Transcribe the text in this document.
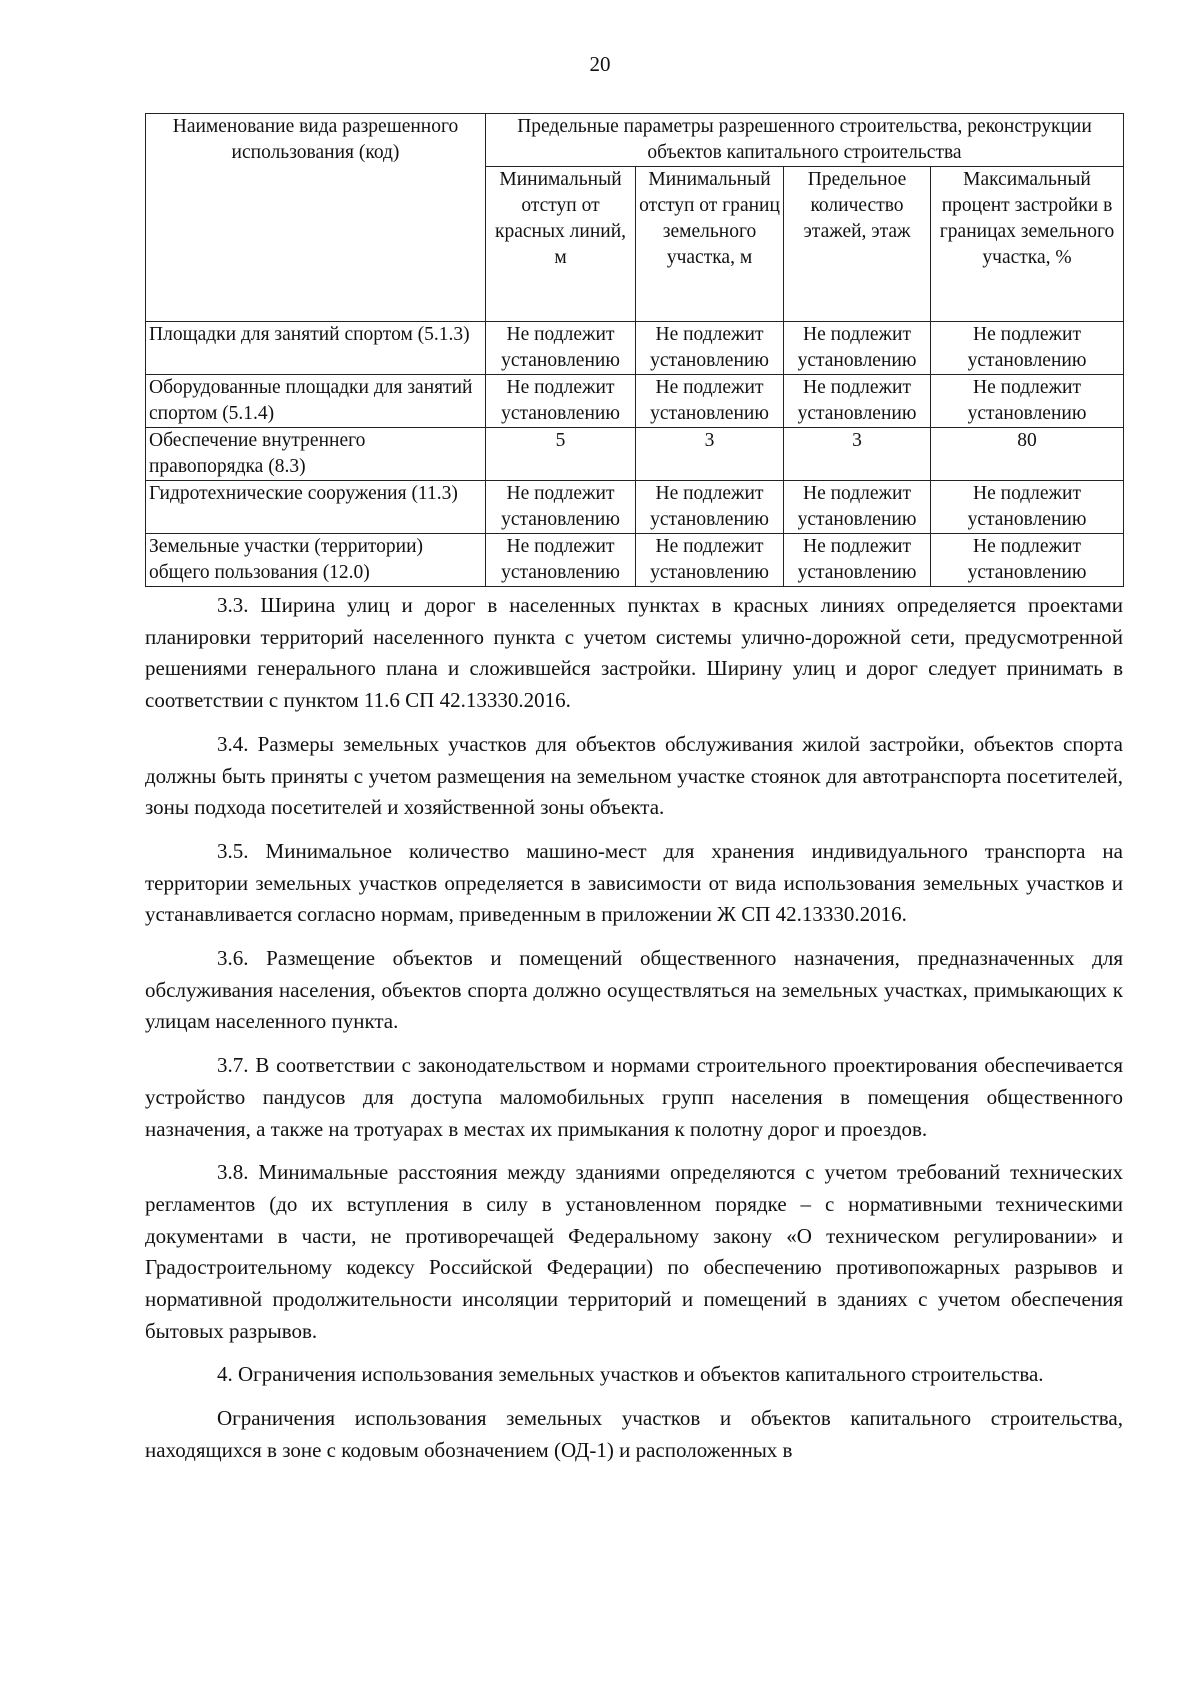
20
Наименование вида разрешенного использования (код)	Предельные параметры разрешенного строительства, реконструкции объектов капитального строительства			
	Минимальный отступ от красных линий, м	Минимальный отступ от границ земельного участка, м	Предельное количество этажей, этаж	Максимальный процент застройки в границах земельного участка, %
Площадки для занятий спортом (5.1.3)	Не подлежит установлению	Не подлежит установлению	Не подлежит установлению	Не подлежит установлению
Оборудованные площадки для занятий спортом (5.1.4)	Не подлежит установлению	Не подлежит установлению	Не подлежит установлению	Не подлежит установлению
Обеспечение внутреннего правопорядка (8.3)	5	3	3	80
Гидротехнические сооружения (11.3)	Не подлежит установлению	Не подлежит установлению	Не подлежит установлению	Не подлежит установлению
Земельные участки (территории) общего пользования (12.0)	Не подлежит установлению	Не подлежит установлению	Не подлежит установлению	Не подлежит установлению

3.3. Ширина улиц и дорог в населенных пунктах в красных линиях определяется проектами планировки территорий населенного пункта с учетом системы улично-дорожной сети, предусмотренной решениями генерального плана и сложившейся застройки. Ширину улиц и дорог следует принимать в соответствии с пунктом 11.6 СП 42.13330.2016.

3.4. Размеры земельных участков для объектов обслуживания жилой застройки, объектов спорта должны быть приняты с учетом размещения на земельном участке стоянок для автотранспорта посетителей, зоны подхода посетителей и хозяйственной зоны объекта.

3.5. Минимальное количество машино-мест для хранения индивидуального транспорта на территории земельных участков определяется в зависимости от вида использования земельных участков и устанавливается согласно нормам, приведенным в приложении Ж СП 42.13330.2016.

3.6. Размещение объектов и помещений общественного назначения, предназначенных для обслуживания населения, объектов спорта должно осуществляться на земельных участках, примыкающих к улицам населенного пункта.

3.7. В соответствии с законодательством и нормами строительного проектирования обеспечивается устройство пандусов для доступа маломобильных групп населения в помещения общественного назначения, а также на тротуарах в местах их примыкания к полотну дорог и проездов.

3.8. Минимальные расстояния между зданиями определяются с учетом требований технических регламентов (до их вступления в силу в установленном порядке – с нормативными техническими документами в части, не противоречащей Федеральному закону «О техническом регулировании» и Градостроительному кодексу Российской Федерации) по обеспечению противопожарных разрывов и нормативной продолжительности инсоляции территорий и помещений в зданиях с учетом обеспечения бытовых разрывов.

4. Ограничения использования земельных участков и объектов капитального строительства.

Ограничения использования земельных участков и объектов капитального строительства, находящихся в зоне с кодовым обозначением (ОД-1) и расположенных в
